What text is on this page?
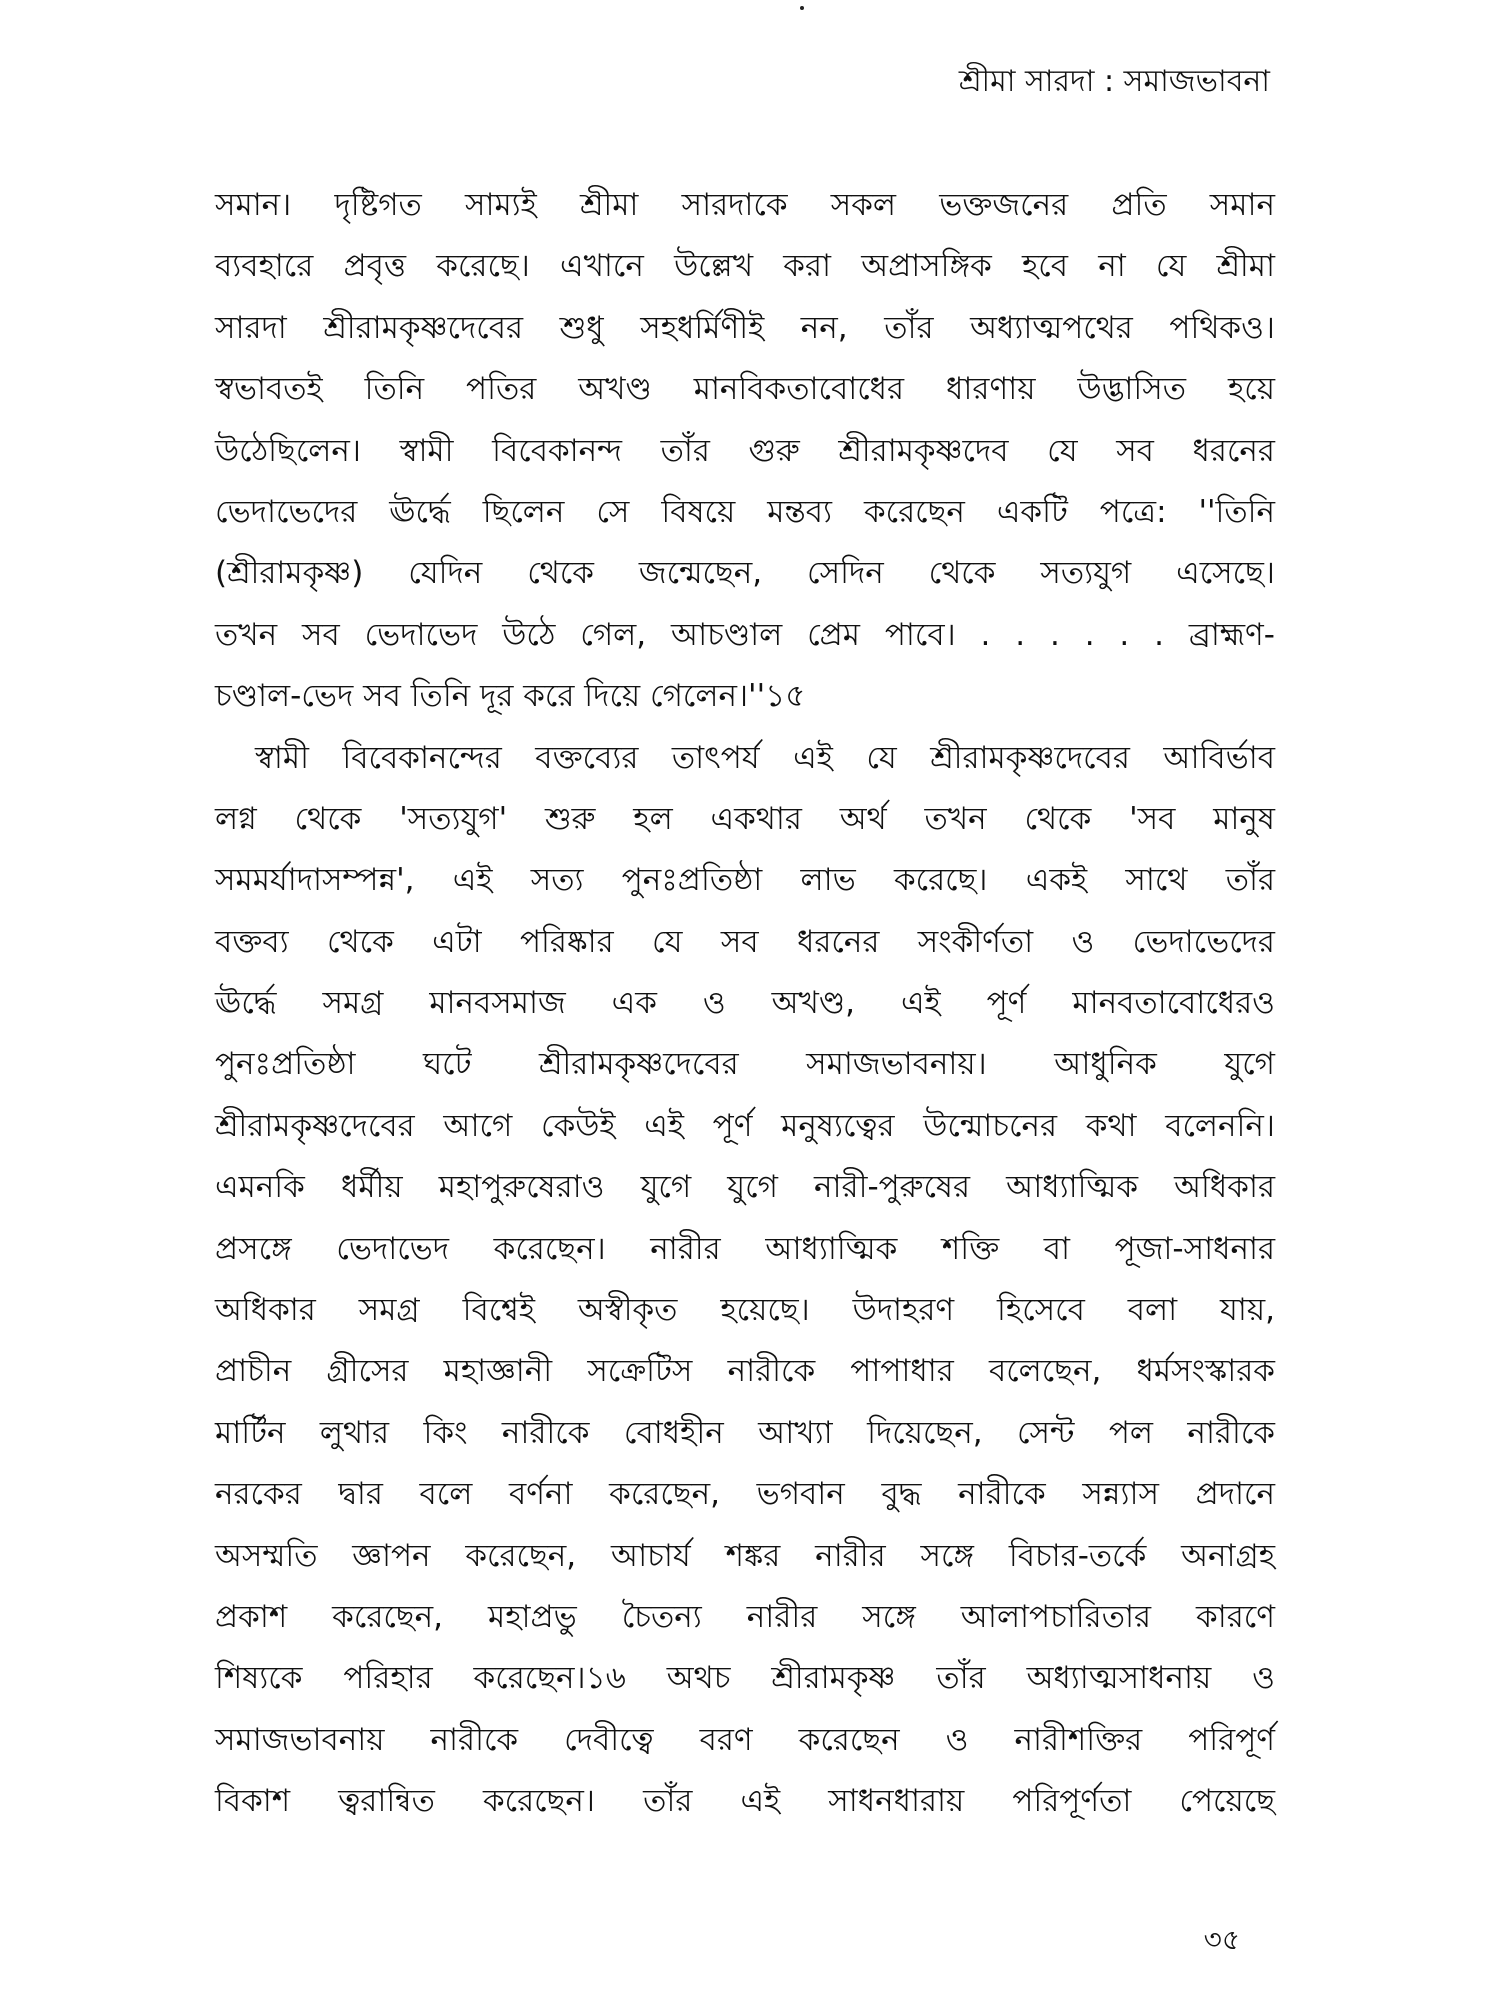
শ্রীমা সারদা : সমাজভাবনা
সমান। দৃষ্টিগত সাম্যই শ্রীমা সারদাকে সকল ভক্তজনের প্রতি সমান
ব্যবহারে প্রবৃত্ত করেছে। এখানে উল্লেখ করা অপ্রাসঙ্গিক হবে না যে শ্রীমা
সারদা শ্রীরামকৃষ্ণদেবের শুধু সহধর্মিণীই নন, তাঁর অধ্যাত্মপথের পথিকও।
স্বভাবতই তিনি পতির অখণ্ড মানবিকতাবোধের ধারণায় উদ্ভাসিত হয়ে
উঠেছিলেন। স্বামী বিবেকানন্দ তাঁর গুরু শ্রীরামকৃষ্ণদেব যে সব ধরনের
ভেদাভেদের ঊর্দ্ধে ছিলেন সে বিষয়ে মন্তব্য করেছেন একটি পত্রে: ''তিনি
(শ্রীরামকৃষ্ণ) যেদিন থেকে জন্মেছেন, সেদিন থেকে সত্যযুগ এসেছে।
তখন সব ভেদাভেদ উঠে গেল, আচণ্ডাল প্রেম পাবে। . . . . . . ব্রাহ্মণ-
চণ্ডাল-ভেদ সব তিনি দূর করে দিয়ে গেলেন।''১৫
স্বামী বিবেকানন্দের বক্তব্যের তাৎপর্য এই যে শ্রীরামকৃষ্ণদেবের আবির্ভাব
লগ্ন থেকে 'সত্যযুগ' শুরু হল একথার অর্থ তখন থেকে 'সব মানুষ
সমমর্যাদাসম্পন্ন', এই সত্য পুনঃপ্রতিষ্ঠা লাভ করেছে। একই সাথে তাঁর
বক্তব্য থেকে এটা পরিষ্কার যে সব ধরনের সংকীর্ণতা ও ভেদাভেদের
ঊর্দ্ধে সমগ্র মানবসমাজ এক ও অখণ্ড, এই পূর্ণ মানবতাবোধেরও
পুনঃপ্রতিষ্ঠা ঘটে শ্রীরামকৃষ্ণদেবের সমাজভাবনায়। আধুনিক যুগে
শ্রীরামকৃষ্ণদেবের আগে কেউই এই পূর্ণ মনুষ্যত্বের উন্মোচনের কথা বলেননি।
এমনকি ধর্মীয় মহাপুরুষেরাও যুগে যুগে নারী-পুরুষের আধ্যাত্মিক অধিকার
প্রসঙ্গে ভেদাভেদ করেছেন। নারীর আধ্যাত্মিক শক্তি বা পূজা-সাধনার
অধিকার সমগ্র বিশ্বেই অস্বীকৃত হয়েছে। উদাহরণ হিসেবে বলা যায়,
প্রাচীন গ্রীসের মহাজ্ঞানী সক্রেটিস নারীকে পাপাধার বলেছেন, ধর্মসংস্কারক
মার্টিন লুথার কিং নারীকে বোধহীন আখ্যা দিয়েছেন, সেন্ট পল নারীকে
নরকের দ্বার বলে বর্ণনা করেছেন, ভগবান বুদ্ধ নারীকে সন্ন্যাস প্রদানে
অসম্মতি জ্ঞাপন করেছেন, আচার্য শঙ্কর নারীর সঙ্গে বিচার-তর্কে অনাগ্রহ
প্রকাশ করেছেন, মহাপ্রভু চৈতন্য নারীর সঙ্গে আলাপচারিতার কারণে
শিষ্যকে পরিহার করেছেন।১৬ অথচ শ্রীরামকৃষ্ণ তাঁর অধ্যাত্মসাধনায় ও
সমাজভাবনায় নারীকে দেবীত্বে বরণ করেছেন ও নারীশক্তির পরিপূর্ণ
বিকাশ ত্বরান্বিত করেছেন। তাঁর এই সাধনধারায় পরিপূর্ণতা পেয়েছে
৩৫
